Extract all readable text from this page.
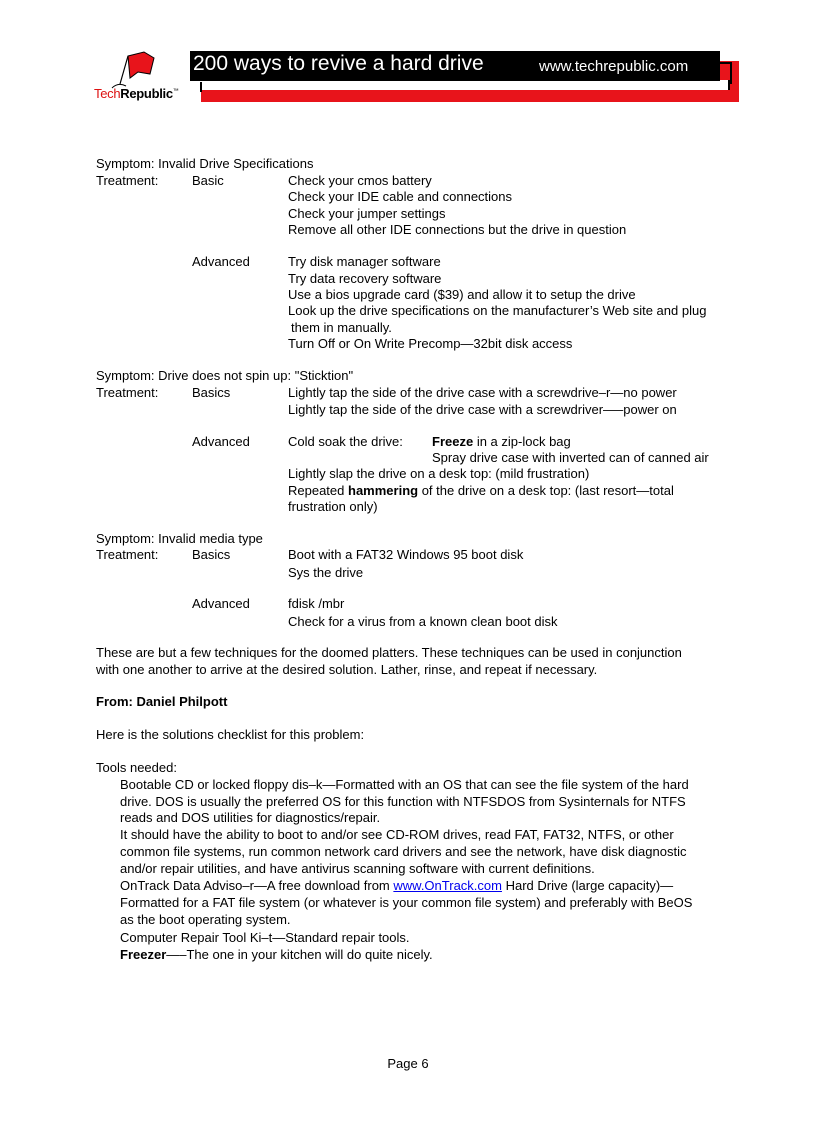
TechRepublic™
200 ways to revive a hard drive	www.techrepublic.com
Symptom: Invalid Drive Specifications
Treatment:	Basic	Check your cmos battery
Check your IDE cable and connections
Check your jumper settings
Remove all other IDE connections but the drive in question
Advanced	Try disk manager software
Try data recovery software
Use a bios upgrade card ($39) and allow it to setup the drive
Look up the drive specifications on the manufacturer’s Web site and plug
them in manually.
Turn Off or On Write Precomp—32bit disk access
Symptom: Drive does not spin up: "Sticktion"
Treatment:	Basics	Lightly tap the side of the drive case with a screwdrive–r—no power
Lightly tap the side of the drive case with a screwdriver—–power on
Advanced	Cold soak the drive: Freeze in a zip-lock bag
Spray drive case with inverted can of canned air
Lightly slap the drive on a desk top: (mild frustration)
Repeated hammering of the drive on a desk top: (last resort—total
frustration only)
Symptom: Invalid media type
Treatment:	Basics	Boot with a FAT32 Windows 95 boot disk
Sys the drive
Advanced	fdisk /mbr
Check for a virus from a known clean boot disk
These are but a few techniques for the doomed platters. These techniques can be used in conjunction
with one another to arrive at the desired solution. Lather, rinse, and repeat if necessary.
From: Daniel Philpott
Here is the solutions checklist for this problem:
Tools needed:
Bootable CD or locked floppy dis–k—Formatted with an OS that can see the file system of the hard
drive. DOS is usually the preferred OS for this function with NTFSDOS from Sysinternals for NTFS
reads and DOS utilities for diagnostics/repair.
It should have the ability to boot to and/or see CD-ROM drives, read FAT, FAT32, NTFS, or other
common file systems, run common network card drivers and see the network, have disk diagnostic
and/or repair utilities, and have antivirus scanning software with current definitions.
OnTrack Data Adviso–r—A free download from www.OnTrack.com Hard Drive (large capacity)—
Formatted for a FAT file system (or whatever is your common file system) and preferably with BeOS
as the boot operating system.
Computer Repair Tool Ki–t—Standard repair tools.
Freezer—–The one in your kitchen will do quite nicely.
Page 6
